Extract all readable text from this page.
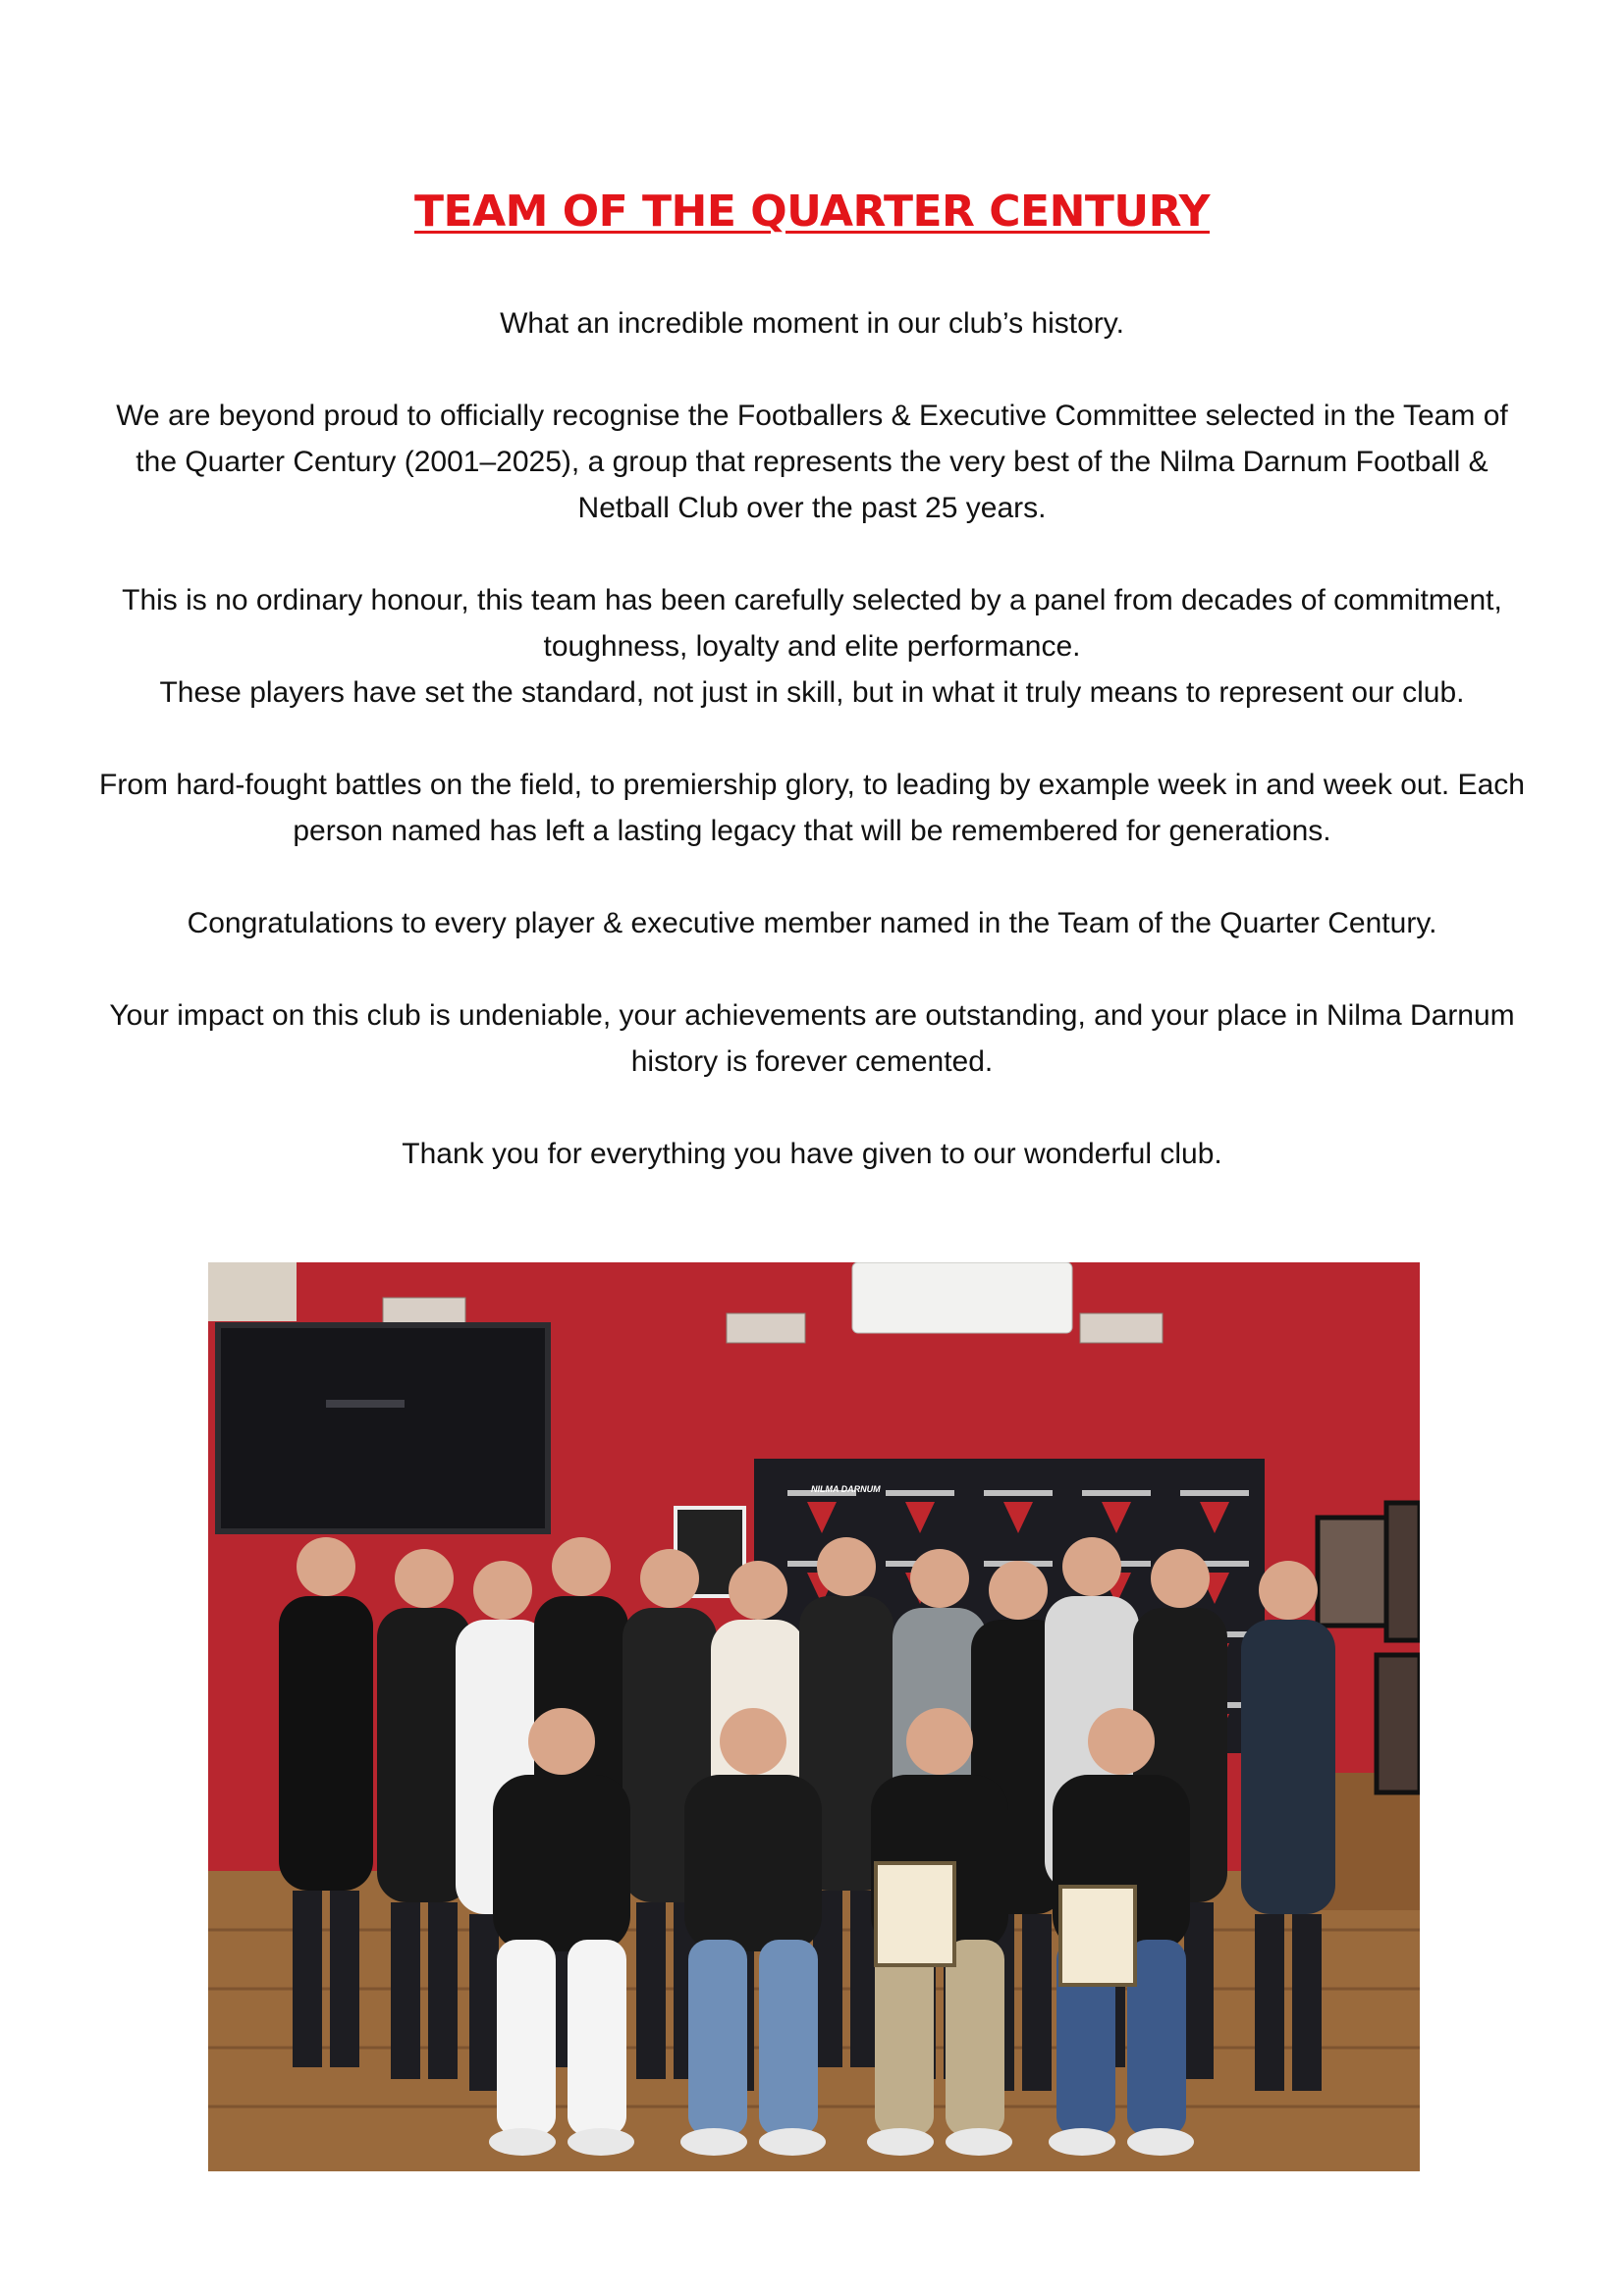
TEAM OF THE QUARTER CENTURY

What an incredible moment in our club’s history.

We are beyond proud to officially recognise the Footballers & Executive Committee selected in the Team of the Quarter Century (2001–2025), a group that represents the very best of the Nilma Darnum Football & Netball Club over the past 25 years.

This is no ordinary honour, this team has been carefully selected by a panel from decades of commitment, toughness, loyalty and elite performance.
These players have set the standard, not just in skill, but in what it truly means to represent our club.

From hard-fought battles on the field, to premiership glory, to leading by example week in and week out. Each person named has left a lasting legacy that will be remembered for generations.

Congratulations to every player & executive member named in the Team of the Quarter Century.

Your impact on this club is undeniable, your achievements are outstanding, and your place in Nilma Darnum history is forever cemented.

Thank you for everything you have given to our wonderful club.

NILMA DARNUM
